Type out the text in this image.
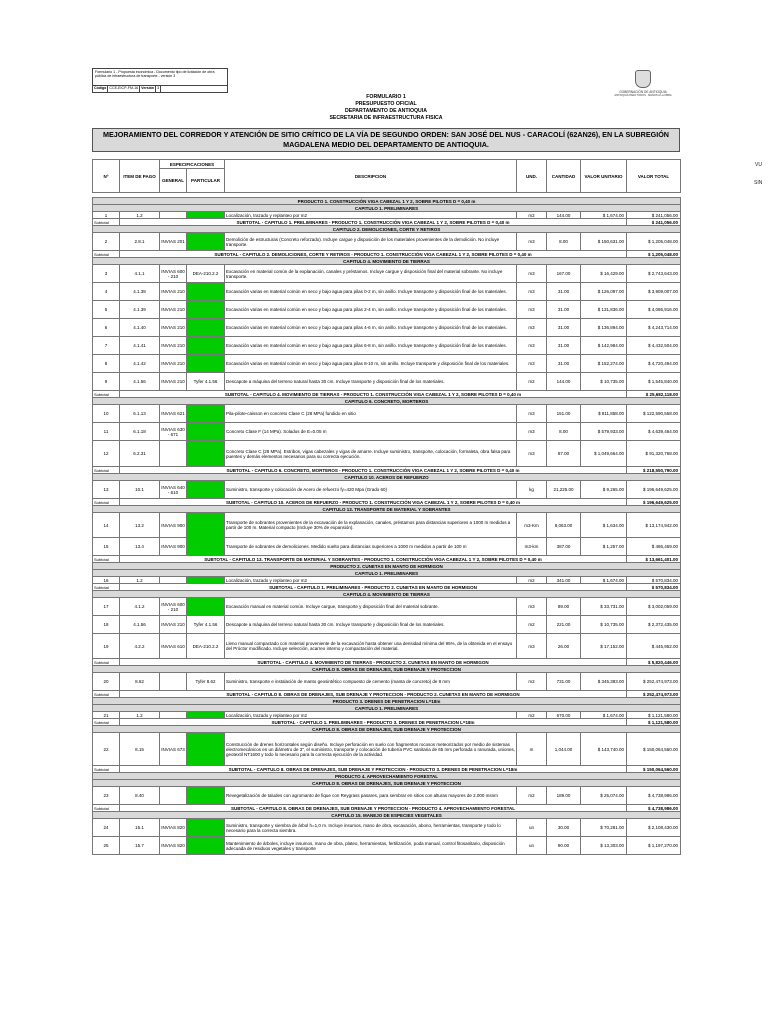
Formulario 1 - Propuesta económica - Documento tipo de licitación de obra pública de infraestructura de transporte - versión 3
Código CCE-EICP-FM-16 Versión 3
GOBERNACIÓN DE ANTIOQUIA
ANTIOQUIA PARA TODOS · MANOS A LA OBRA
FORMULARIO 1
PRESUPUESTO OFICIAL
DEPARTAMENTO DE ANTIOQUIA
SECRETARIA DE INFRAESTRUCTURA FISICA
MEJORAMIENTO DEL CORREDOR Y ATENCIÓN DE SITIO CRÍTICO DE LA VÍA DE SEGUNDO ORDEN: SAN JOSÉ DEL NUS - CARACOLÍ (62AN26), EN LA SUBREGIÓN MAGDALENA MEDIO DEL DEPARTAMENTO DE ANTIOQUIA.
Nº	ITEM DE PAGO	ESPECIFICACIONES		DESCRIPCION	UND.	CANTIDAD	VALOR UNITARIO	VALOR TOTAL
		GENERAL	PARTICULAR					

PRODUCTO 1. CONSTRUCCIÓN VIGA CABEZAL 1 Y 2, SOBRE PILOTES D = 0,40 m								
CAPITULO 1. PRELIMINARES								
1	1.2			Localización, trazado y replanteo por m2	m2	144.00	$ 1,674.00	$ 241,056.00
Subtotal	SUBTOTAL - CAPITULO 1. PRELIMINARES - PRODUCTO 1. CONSTRUCCIÓN VIGA CABEZAL 1 Y 2, SOBRE PILOTES D = 0,40 m							$ 241,056.00
CAPITULO 2. DEMOLICIONES, CORTE Y RETIROS								
2	2.8.1	INVIAS 201		Demolición de estructuras (Concreto reforzado). Incluye cargue y disposición de los materiales provenientes de la demolición. No incluye transporte.	m3	8.00	$ 150,631.00	$ 1,205,048.00
Subtotal	SUBTOTAL - CAPITULO 2. DEMOLICIONES, CORTE Y RETIROS - PRODUCTO 1. CONSTRUCCIÓN VIGA CABEZAL 1 Y 2, SOBRE PILOTES D = 0,40 m							$ 1,205,048.00
CAPITULO 4. MOVIMIENTO DE TIERRAS								
3	4.1.1	INVIAS 600 - 210	DEA-210.2.2	Excavación en material común de la explanación, canales y préstamos. Incluye cargue y disposición final del material sobrante. No incluye transporte.	m3	167.00	$ 16,429.00	$ 2,743,643.00
4	4.1.38	INVIAS 210		Excavación varias en material común en seco y bajo agua para pilas 0-2 m, sin anillo. Incluye transporte y disposición final de los materiales.	m3	31.00	$ 126,097.00	$ 3,909,007.00
5	4.1.39	INVIAS 210		Excavación varias en material común en seco y bajo agua para pilas 2-4 m, sin anillo. Incluye transporte y disposición final de los materiales.	m3	31.00	$ 131,836.00	$ 4,086,916.00
6	4.1.40	INVIAS 210		Excavación varias en material común en seco y bajo agua para pilas 4-6 m, sin anillo. Incluye transporte y disposición final de los materiales.	m3	31.00	$ 136,894.00	$ 4,243,714.00
7	4.1.41	INVIAS 210		Excavación varias en material común en seco y bajo agua para pilas 6-8 m, sin anillo. Incluye transporte y disposición final de los materiales.	m3	31.00	$ 142,984.00	$ 4,432,504.00
8	4.1.42	INVIAS 210		Excavación varias en material común en seco y bajo agua para pilas 8-10 m, sin anillo. Incluye transporte y disposición final de los materiales.	m3	31.00	$ 152,274.00	$ 4,720,494.00
9	4.1.56	INVIAS 210	Tyfer 4.1.56	Descapote a máquina del terreno natural hasta 30 cm. Incluye transporte y disposición final de los materiales.	m2	144.00	$ 10,735.00	$ 1,545,840.00
Subtotal	SUBTOTAL - CAPITULO 4. MOVIMIENTO DE TIERRAS - PRODUCTO 1. CONSTRUCCIÓN VIGA CABEZAL 1 Y 2, SOBRE PILOTES D = 0,40 m							$ 25,682,118.00
CAPITULO 6. CONCRETO, MORTEROS								
10	6.1.13	INVIAS 621		Pila-pilote-caisson en concreto Clase C (28 MPa) fundido en sitio	m3	151.00	$ 811,858.00	$ 122,590,558.00
11	6.1.18	INVIAS 630 - 671		Concreto Clase F (14 MPa). Solados de E=0.05 m	m3	8.00	$ 579,933.00	$ 4,639,464.00
12	6.2.31			Concreto Clase C (28 MPa). Estribos, vigas cabezales y vigas de amarre. Incluye suministro, transporte, colocación, formaleta, obra falsa para puentes y demás elementos necesarios para su correcta ejecución.	m3	87.00	$ 1,049,664.00	$ 91,320,768.00
Subtotal	SUBTOTAL - CAPITULO 6. CONCRETO, MORTEROS - PRODUCTO 1. CONSTRUCCIÓN VIGA CABEZAL 1 Y 2, SOBRE PILOTES D = 0,40 m							$ 218,550,790.00
CAPITULO 10. ACEROS DE REFUERZO								
13	10.1	INVIAS 640 - 610		Suministro, transporte y colocación de Acero de refuerzo fy=420 Mpa (Grado 60)	kg	21,225.00	$ 9,265.00	$ 196,649,625.00
Subtotal	SUBTOTAL - CAPITULO 10. ACEROS DE REFUERZO - PRODUCTO 1. CONSTRUCCIÓN VIGA CABEZAL 1 Y 2, SOBRE PILOTES D = 0,40 m							$ 196,649,625.00
CAPITULO 13. TRANSPORTE DE MATERIAL Y SOBRANTES								
14	13.2	INVIAS 900		Transporte de sobrantes provenientes de la excavación de la explanación, canales, préstamos para distancias superiores a 1000 m medidos a partir de 100 m. Material compacto (Incluye 30% de expansión).	m3-Km	8,063.00	$ 1,634.00	$ 13,174,942.00
15	13.4	INVIAS 900		Transporte de sobrantes de demoliciones. Medido suelto para distancias superiores a 1000 m medidos a partir de 100 m	m3-km	387.00	$ 1,257.00	$ 486,459.00
Subtotal	SUBTOTAL - CAPITULO 13. TRANSPORTE DE MATERIAL Y SOBRANTES - PRODUCTO 1. CONSTRUCCIÓN VIGA CABEZAL 1 Y 2, SOBRE PILOTES D = 0,40 m							$ 13,661,401.00
PRODUCTO 2. CUNETAS EN MANTO DE HORMIGON								
CAPITULO 1. PRELIMINARES								
16	1.2			Localización, trazado y replanteo por m2	m2	341.00	$ 1,674.00	$ 570,834.00
Subtotal	SUBTOTAL - CAPITULO 1. PRELIMINARES - PRODUCTO 2. CUNETAS EN MANTO DE HORMIGON							$ 570,834.00
CAPITULO 4. MOVIMIENTO DE TIERRAS								
17	4.1.2	INVIAS 600 - 210		Excavación manual en material común. Incluye cargue, transporte y disposición final del material sobrante.	m3	89.00	$ 33,731.00	$ 3,002,059.00
18	4.1.56	INVIAS 210	Tyfer 4.1.56	Descapote a máquina del terreno natural hasta 30 cm. Incluye transporte y disposición final de los materiales.	m2	221.00	$ 10,735.00	$ 2,372,435.00
19	4.2.2	INVIAS 610	DEA-210.2.2	Lleno manual compactado con material proveniente de la excavación hasta obtener una densidad mínima del 95%, de la obtenida en el ensayo del Próctor modificado. Incluye selección, acarreo interno y compactación del material.	m3	26.00	$ 17,152.00	$ 445,952.00
Subtotal	SUBTOTAL - CAPITULO 4. MOVIMIENTO DE TIERRAS - PRODUCTO 2. CUNETAS EN MANTO DE HORMIGON							$ 5,820,446.00
CAPITULO 8. OBRAS DE DRENAJES, SUB DRENAJE Y PROTECCION								
20	8.62		Tyfer 8.62	Suministro, transporte e instalación de manto geosintético compuesto de cemento (manta de concreto) de 8 mm	m2	731.00	$ 345,383.00	$ 252,474,973.00
Subtotal	SUBTOTAL - CAPITULO 8. OBRAS DE DRENAJES, SUB DRENAJE Y PROTECCION - PRODUCTO 2. CUNETAS EN MANTO DE HORMIGON							$ 252,474,973.00
PRODUCTO 3. DRENES DE PENETRACION L=18m								
CAPITULO 1. PRELIMINARES								
21	1.2			Localización, trazado y replanteo por m2	m2	670.00	$ 1,674.00	$ 1,121,580.00
Subtotal	SUBTOTAL - CAPITULO 1. PRELIMINARES - PRODUCTO 3. DRENES DE PENETRACION L=18m							$ 1,121,580.00
CAPITULO 8. OBRAS DE DRENAJES, SUB DRENAJE Y PROTECCION								
22	8.15	INVIAS 673		Construcción de drenes horizontales según diseño. Incluye perforación en suelo con fragmentos rocosos meteorizados por medio de sistemas electromecánicos en un diámetro de 3", el suministro, transporte y colocación de tubería PVC sanitaria de 65 mm perforada o ranurada, uniones, geotextil NT1600 y todo lo necesario para la correcta ejecución de la actividad.	m	1,044.00	$ 143,740.00	$ 150,064,560.00
Subtotal	SUBTOTAL - CAPITULO 8. OBRAS DE DRENAJES, SUB DRENAJE Y PROTECCION - PRODUCTO 3. DRENES DE PENETRACION L=18m							$ 150,064,560.00
PRODUCTO 4. APROVECHAMIENTO FORESTAL								
CAPITULO 8. OBRAS DE DRENAJES, SUB DRENAJE Y PROTECCION								
23	8.40			Revegetalización de taludes con agromanto de fique con Reygrass pasares, para sembrar en sitios con alturas mayores de 2.000 msnm	m2	189.00	$ 25,074.00	$ 4,738,986.00
Subtotal	SUBTOTAL - CAPITULO 8. OBRAS DE DRENAJES, SUB DRENAJE Y PROTECCION - PRODUCTO 4. APROVECHAMIENTO FORESTAL							$ 4,738,986.00
CAPITULO 15. MANEJO DE ESPECIES VEGETALES								
24	15.1	INVIAS 820		Suministro, transporte y siembra de árbol h=1,0 m. Incluye insumos, mano de obra, excavación, abono, herramientas, transporte y todo lo necesario para la correcta siembra.	un	30.00	$ 70,281.00	$ 2,108,430.00
25	15.7	INVIAS 820		Mantenimiento de árboles, incluye insumos, mano de obra, plateo, herramientas, fertilización, poda manual, control fitosanitario, disposición adecuada de residuos vegetales y transporte	un	90.00	$ 13,303.00	$ 1,197,270.00
VU
SIN
